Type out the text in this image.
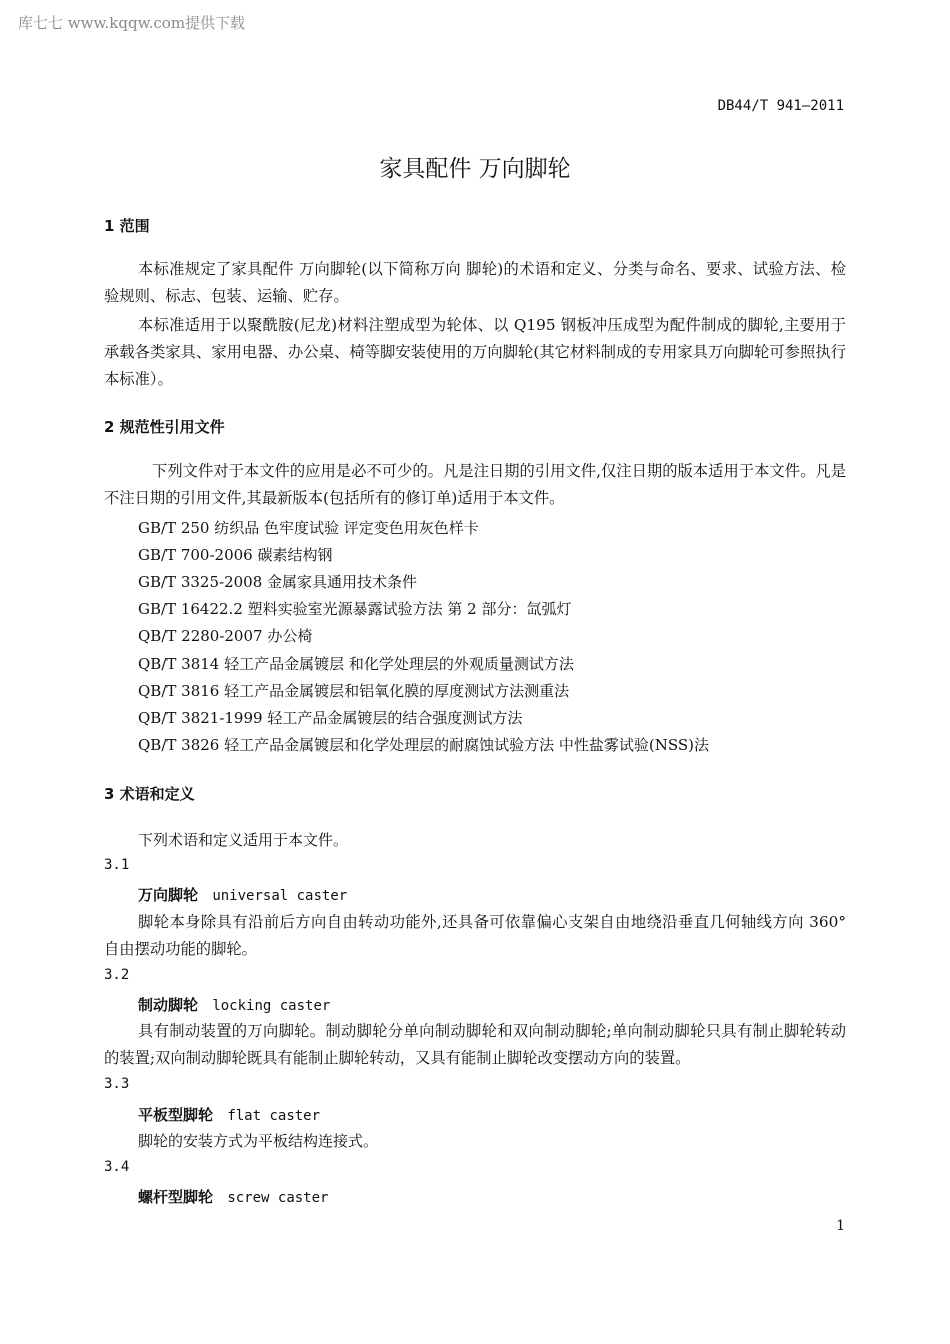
库七七 www.kqqw.com提供下载
DB44/T 941—2011
家具配件 万向脚轮
1 范围
本标准规定了家具配件 万向脚轮(以下简称万向 脚轮)的术语和定义、分类与命名、要求、试验方法、检验规则、标志、包装、运输、贮存。
本标准适用于以聚酰胺(尼龙)材料注塑成型为轮体、以 Q195 钢板冲压成型为配件制成的脚轮,主要用于承载各类家具、家用电器、办公桌、椅等脚安装使用的万向脚轮(其它材料制成的专用家具万向脚轮可参照执行本标准）。
2 规范性引用文件
下列文件对于本文件的应用是必不可少的。凡是注日期的引用文件,仅注日期的版本适用于本文件。凡是不注日期的引用文件,其最新版本(包括所有的修订单)适用于本文件。
GB/T 250 纺织品 色牢度试验 评定变色用灰色样卡
GB/T 700-2006 碳素结构钢
GB/T 3325-2008 金属家具通用技术条件
GB/T 16422.2 塑料实验室光源暴露试验方法 第 2 部分：氙弧灯
QB/T 2280-2007 办公椅
QB/T 3814 轻工产品金属镀层 和化学处理层的外观质量测试方法
QB/T 3816 轻工产品金属镀层和铝氧化膜的厚度测试方法测重法
QB/T 3821-1999 轻工产品金属镀层的结合强度测试方法
QB/T 3826 轻工产品金属镀层和化学处理层的耐腐蚀试验方法 中性盐雾试验(NSS)法
3 术语和定义
下列术语和定义适用于本文件。
3.1
万向脚轮 universal caster
脚轮本身除具有沿前后方向自由转动功能外,还具备可依靠偏心支架自由地绕沿垂直几何轴线方向 360° 自由摆动功能的脚轮。
3.2
制动脚轮 locking caster
具有制动装置的万向脚轮。制动脚轮分单向制动脚轮和双向制动脚轮;单向制动脚轮只具有制止脚轮转动的装置;双向制动脚轮既具有能制止脚轮转动，又具有能制止脚轮改变摆动方向的装置。
3.3
平板型脚轮 flat caster
脚轮的安装方式为平板结构连接式。
3.4
螺杆型脚轮 screw caster
1
